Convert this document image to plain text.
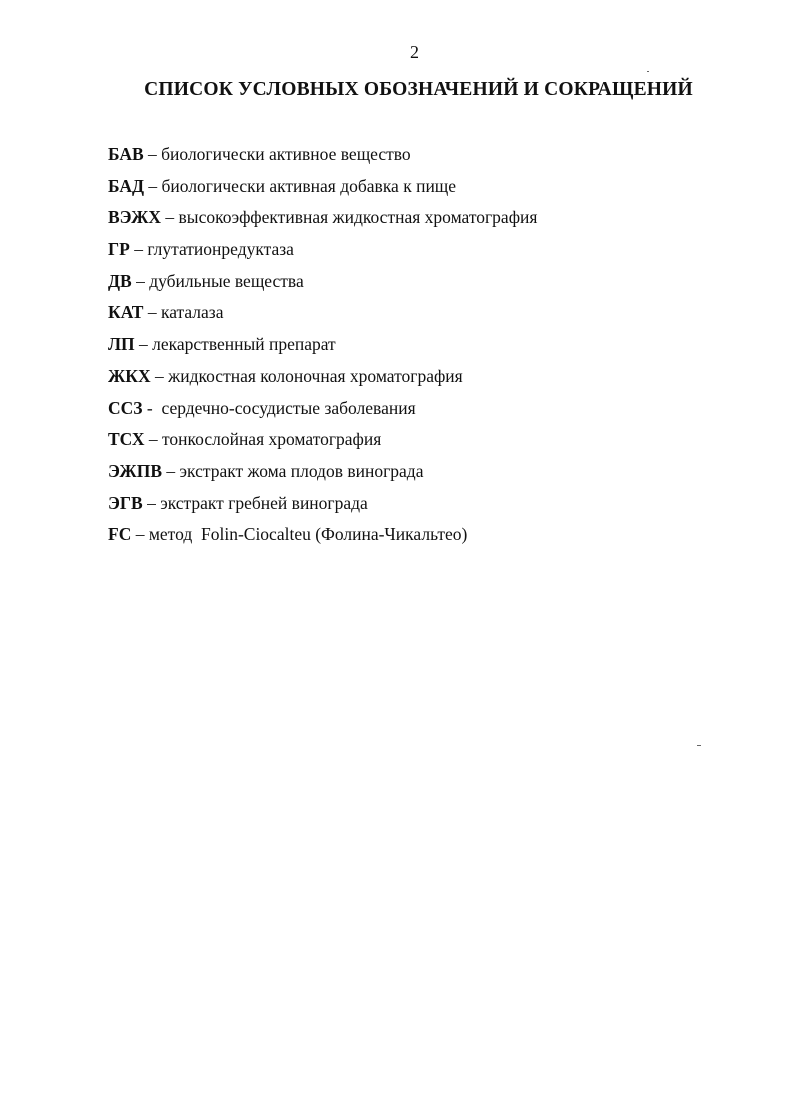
2
СПИСОК УСЛОВНЫХ ОБОЗНАЧЕНИЙ И СОКРАЩЕНИЙ
БАВ – биологически активное вещество
БАД – биологически активная добавка к пище
ВЭЖХ – высокоэффективная жидкостная хроматография
ГР – глутатионредуктаза
ДВ – дубильные вещества
КАТ – каталаза
ЛП – лекарственный препарат
ЖКХ – жидкостная колоночная хроматография
ССЗ -  сердечно-сосудистые заболевания
ТСХ – тонкослойная хроматография
ЭЖПВ – экстракт жома плодов винограда
ЭГВ – экстракт гребней винограда
FC – метод  Folin-Ciocalteu (Фолина-Чикальтео)
